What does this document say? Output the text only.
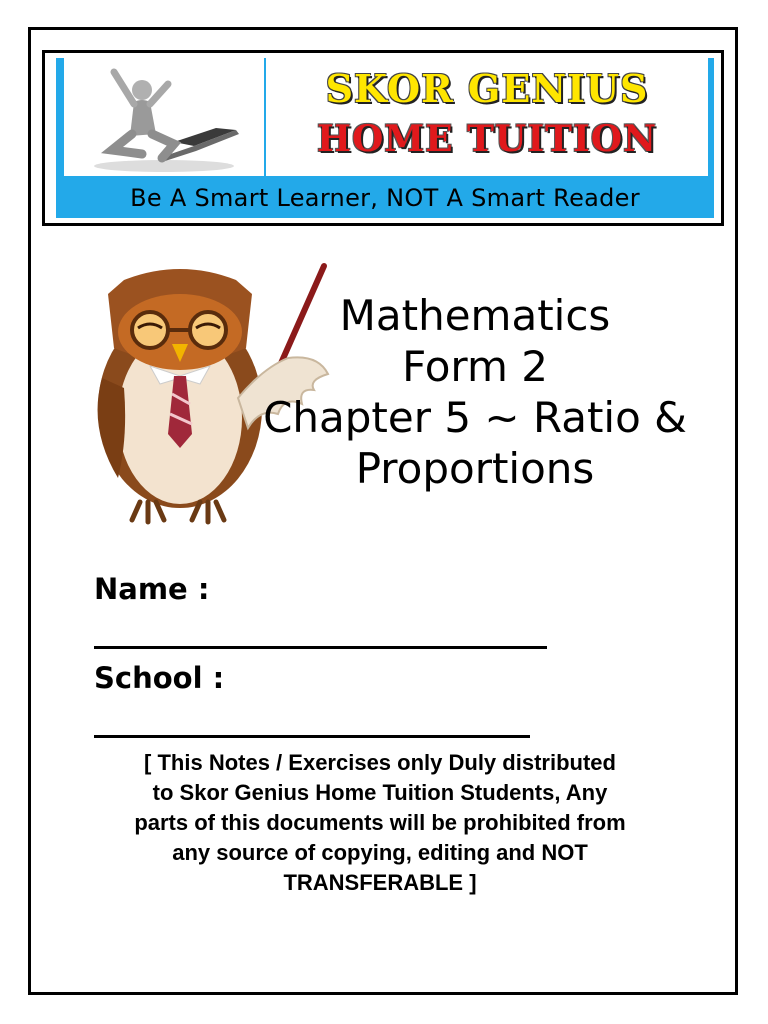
SKOR GENIUS
HOME TUITION
Be A Smart Learner, NOT A Smart Reader
Mathematics
Form 2
Chapter 5 ~ Ratio &
Proportions
Name :
School :
[ This Notes / Exercises only Duly distributed
to Skor Genius Home Tuition Students, Any
parts of this documents will be prohibited from
any source of copying, editing and NOT
TRANSFERABLE ]
